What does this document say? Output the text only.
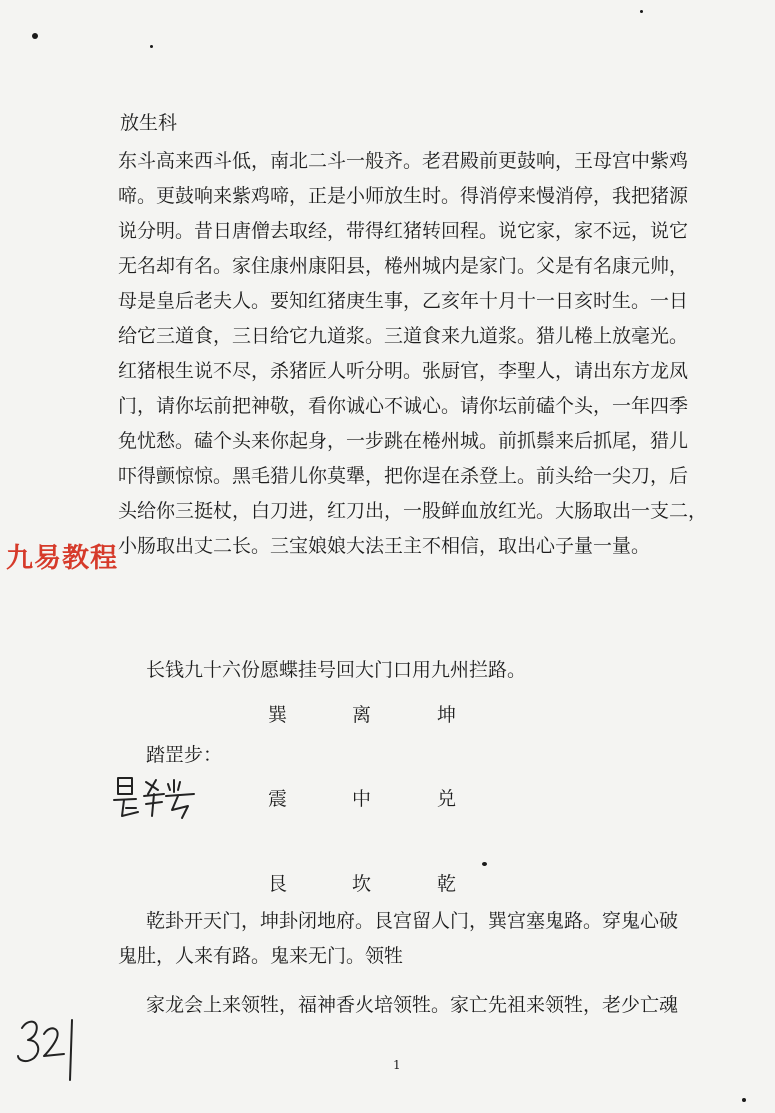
放生科

东斗高来西斗低，南北二斗一般齐。老君殿前更鼓响，王母宫中紫鸡
啼。更鼓响来紫鸡啼，正是小师放生时。得消停来慢消停，我把猪源
说分明。昔日唐僧去取经，带得红猪转回程。说它家，家不远，说它
无名却有名。家住康州康阳县，棬州城内是家门。父是有名康元帅，
母是皇后老夫人。要知红猪庚生事，乙亥年十月十一日亥时生。一日
给它三道食，三日给它九道浆。三道食来九道浆。猎儿棬上放毫光。
红猪根生说不尽，杀猪匠人听分明。张厨官，李聖人，请出东方龙凤
门，请你坛前把神敬，看你诚心不诚心。请你坛前磕个头，一年四季
免忧愁。磕个头来你起身，一步跳在棬州城。前抓鬃来后抓尾，猎儿
吓得颤惊惊。黑毛猎儿你莫犟，把你逞在杀登上。前头给一尖刀，后
头给你三挺杖，白刀进，红刀出，一股鲜血放红光。大肠取出一支二，
小肠取出丈二长。三宝娘娘大法王主不相信，取出心子量一量。

长钱九十六份愿蝶挂号回大门口用九州拦路。

巽	离	坤
踏罡步：
震	中	兑
艮	坎	乾

乾卦开天门，坤卦闭地府。艮宫留人门，巽宫塞鬼路。穿鬼心破
鬼肚，人来有路。鬼来无门。领牲

家龙会上来领牲，福神香火培领牲。家亡先祖来领牲，老少亡魂

九易教程
1
